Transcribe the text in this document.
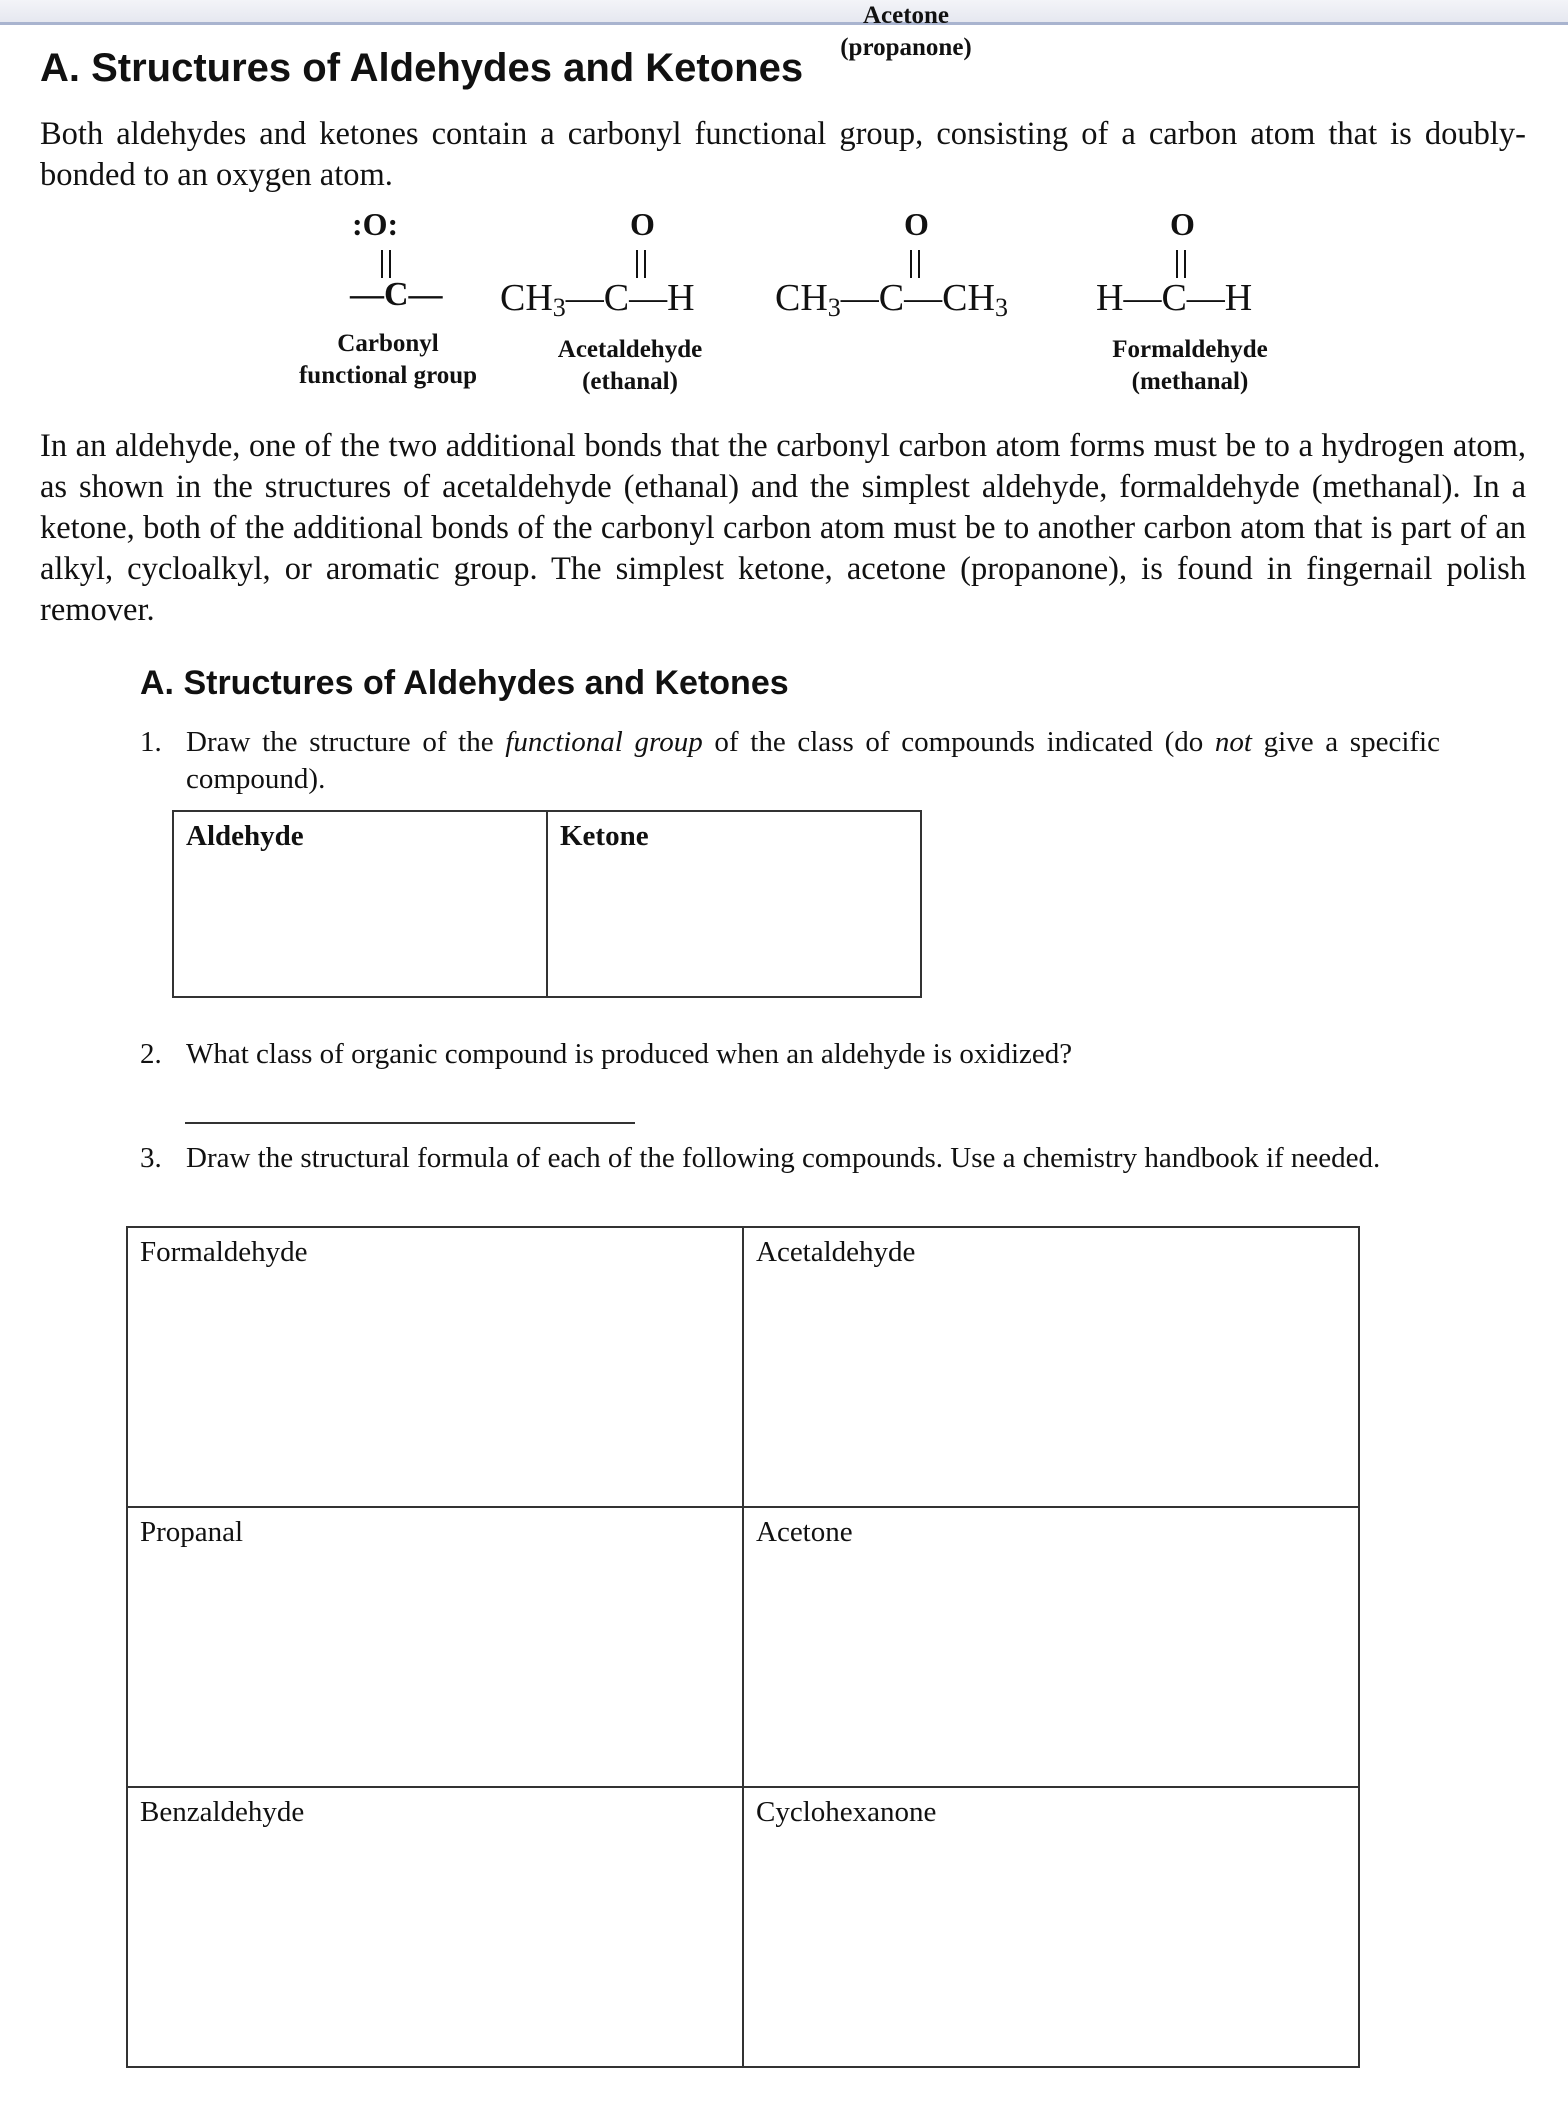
A. Structures of Aldehydes and Ketones

Both aldehydes and ketones contain a carbonyl functional group, consisting of a carbon atom that is doubly-bonded to an oxygen atom.

:O:
—C—
Carbonyl
functional group
O
$CH_3—C—H$
Acetaldehyde
(ethanal)
O
$CH_3—C—CH_3$
Acetone
(propanone)
O
H—C—H
Formaldehyde
(methanal)

In an aldehyde, one of the two additional bonds that the carbonyl carbon atom forms must be to a hydrogen atom, as shown in the structures of acetaldehyde (ethanal) and the simplest aldehyde, formaldehyde (methanal). In a ketone, both of the additional bonds of the carbonyl carbon atom must be to another carbon atom that is part of an alkyl, cycloalkyl, or aromatic group. The simplest ketone, acetone (propanone), is found in fingernail polish remover.

A. Structures of Aldehydes and Ketones
1. Draw the structure of the functional group of the class of compounds indicated (do not give a specific compound).
Aldehyde	Ketone
2. What class of organic compound is produced when an aldehyde is oxidized?
3. Draw the structural formula of each of the following compounds. Use a chemistry handbook if needed.
Formaldehyde	Acetaldehyde
Propanal	Acetone
Benzaldehyde	Cyclohexanone
